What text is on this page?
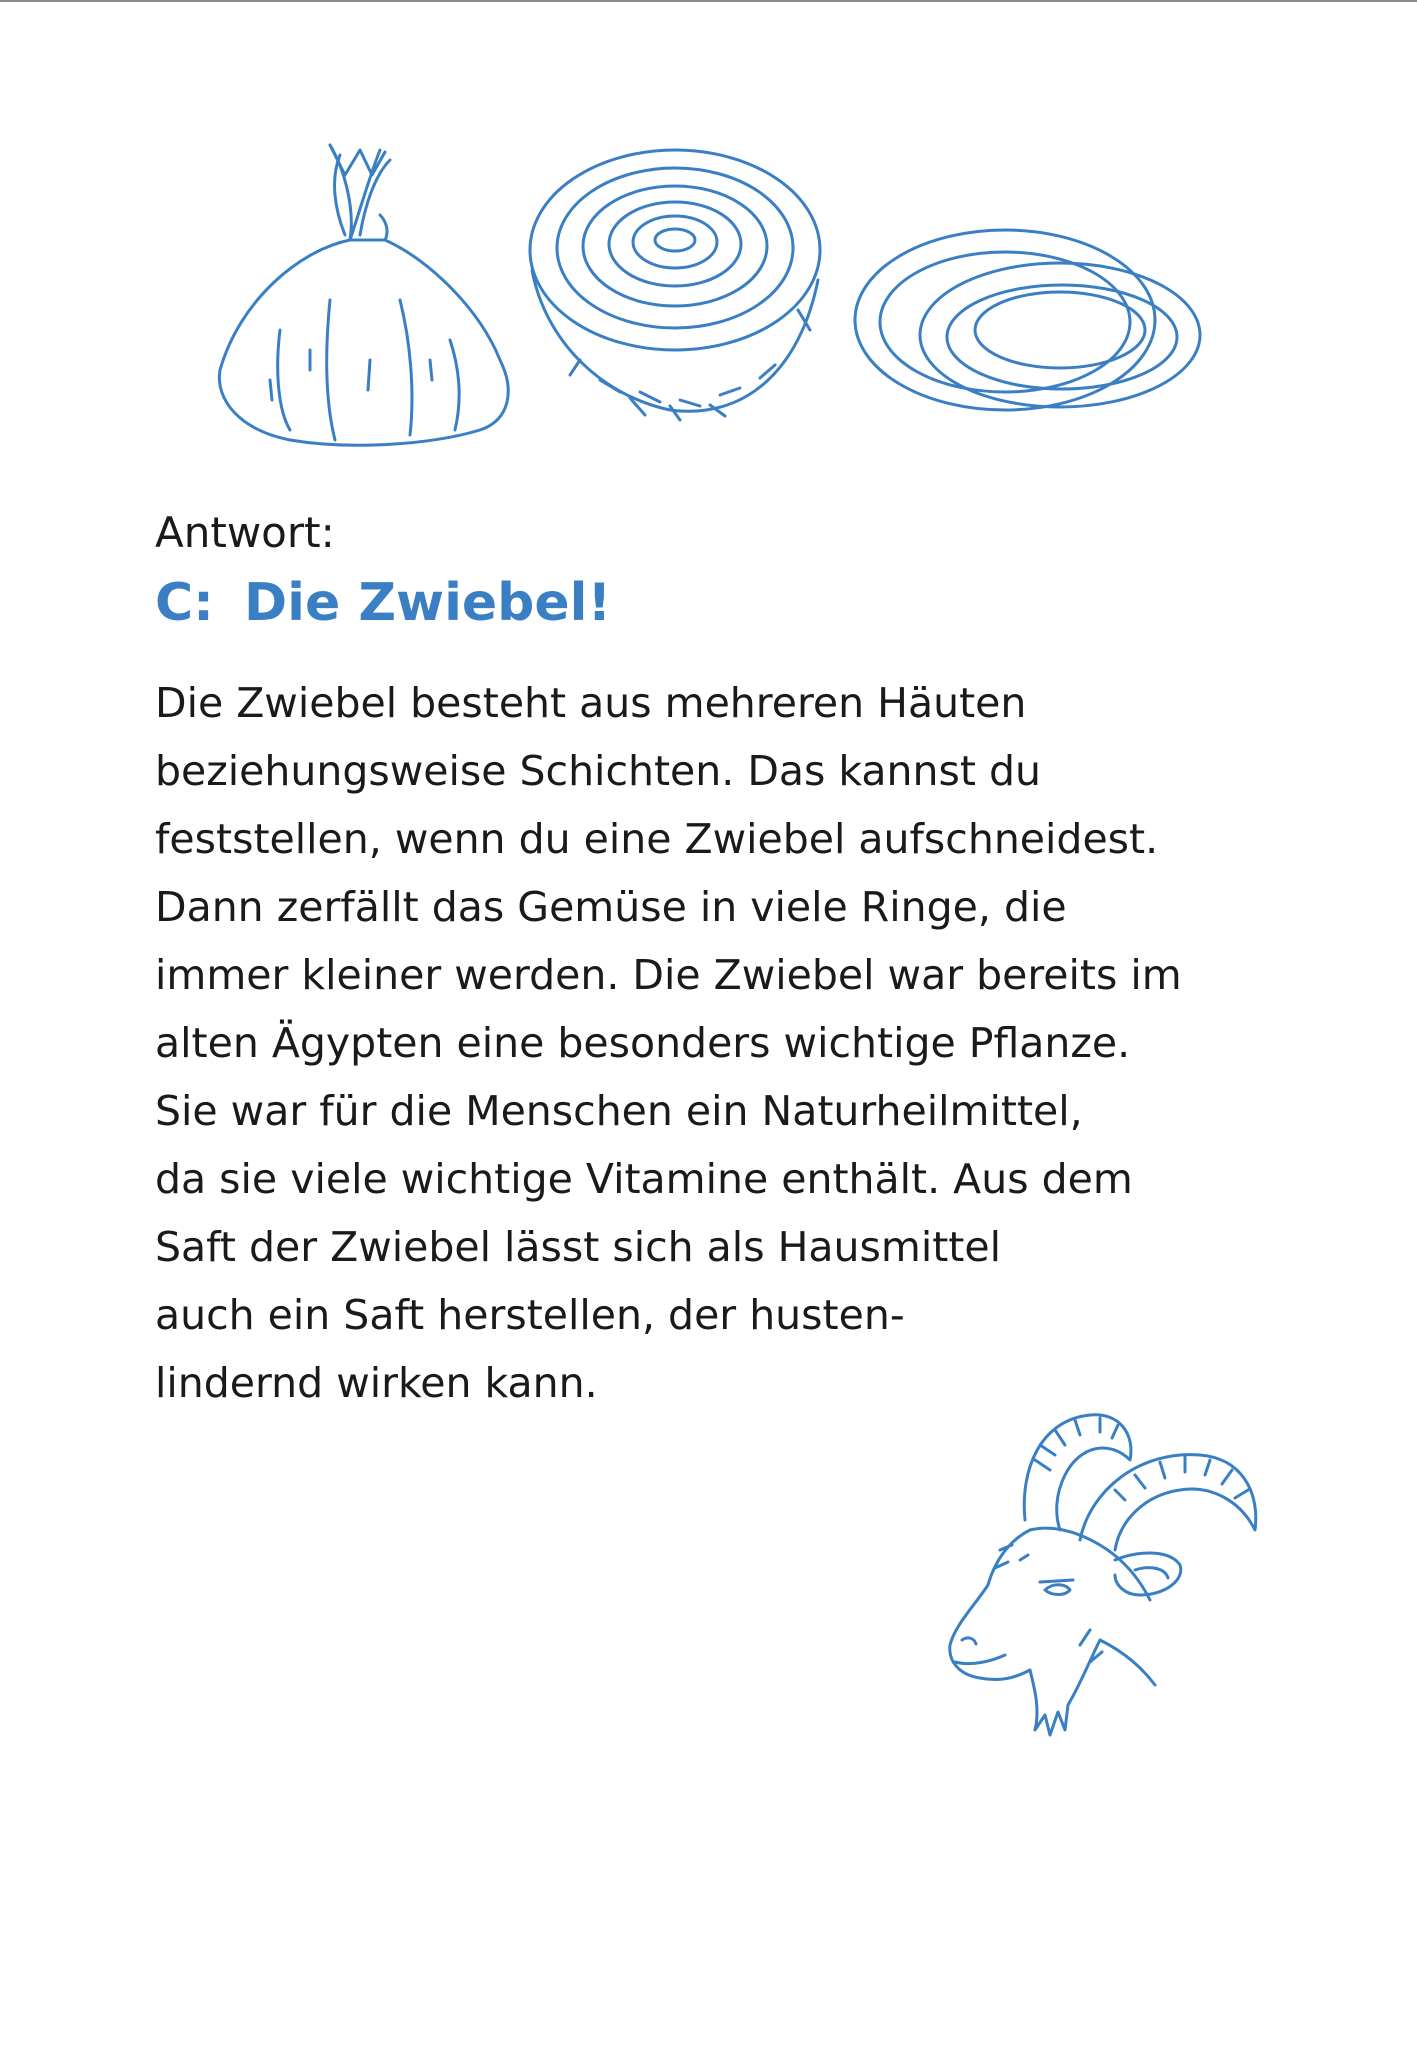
Antwort:

C: Die Zwiebel!
Die Zwiebel besteht aus mehreren Häuten
beziehungsweise Schichten. Das kannst du
feststellen, wenn du eine Zwiebel aufschneidest.
Dann zerfällt das Gemüse in viele Ringe, die
immer kleiner werden. Die Zwiebel war bereits im
alten Ägypten eine besonders wichtige Pflanze.
Sie war für die Menschen ein Naturheilmittel,
da sie viele wichtige Vitamine enthält. Aus dem
Saft der Zwiebel lässt sich als Hausmittel
auch ein Saft herstellen, der husten-
lindernd wirken kann.
